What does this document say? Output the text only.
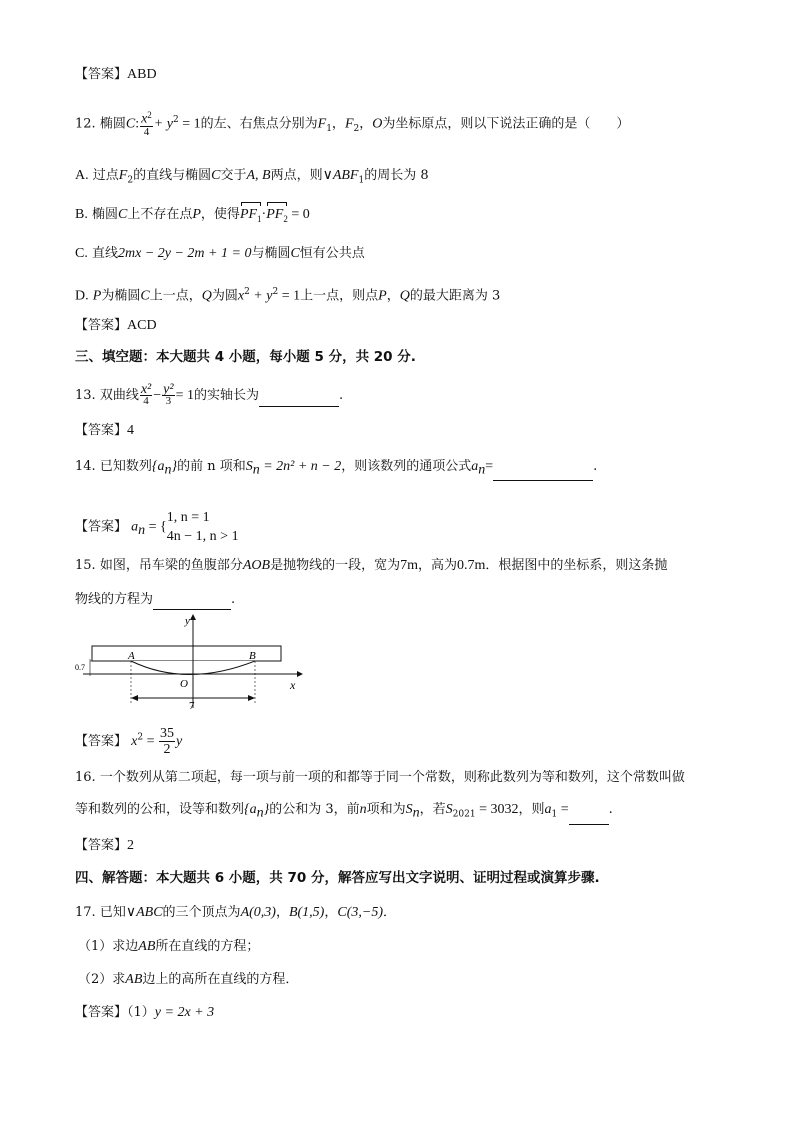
【答案】ABD
12. 椭圆C: $\frac{x^2}{4} + y^2 = 1$的左、右焦点分别为$F_1$，$F_2$，O为坐标原点，则以下说法正确的是（　　）
A. 过点$F_2$的直线与椭圆C交于A, B两点，则$\vee ABF_1$的周长为 8
B. 椭圆C上不存在点P，使得$PF_1\cdot PF_2 = 0$
C. 直线2mx − 2y − 2m + 1 = 0与椭圆C恒有公共点
D. P为椭圆C上一点，Q为圆$x^2 + y^2 = 1$上一点，则点P，Q的最大距离为 3
【答案】ACD
三、填空题：本大题共 4 小题，每小题 5 分，共 20 分.
13. 双曲线 $\frac{\text{x²}}{4} - \frac{\text{y²}}{3} = 1$的实轴长为	.
【答案】4
14. 已知数列$\{a_n\}$的前 n 项和$S_n = 2n^2 + n - 2$，则该数列的通项公式$a_n=$	.
【答案】 $a_n$ = {
1, n = 1
4n − 1, n > 1
15. 如图，吊车梁的鱼腹部分AOB是抛物线的一段，宽为7m，高为0.7m．根据图中的坐标系，则这条抛
物线的方程为	.
0.7
y
x
A	B
O
7
【答案】 $x^2 = \frac{35}{2}$ y
16. 一个数列从第二项起，每一项与前一项的和都等于同一个常数，则称此数列为等和数列，这个常数叫做
等和数列的公和，设等和数列$\{a_n\}$的公和为 3，前n项和为$S_n$，若$S_{2021} = 3032$，则$a_1$ =	.
【答案】2
四、解答题：本大题共 6 小题，共 70 分，解答应写出文字说明、证明过程或演算步骤.
17. 已知∨ABC的三个顶点为A(0,3)，B(1,5)，C(3,−5)．
（1）求边AB所在直线的方程；
（2）求AB边上的高所在直线的方程．
【答案】（1）y = 2x + 3
